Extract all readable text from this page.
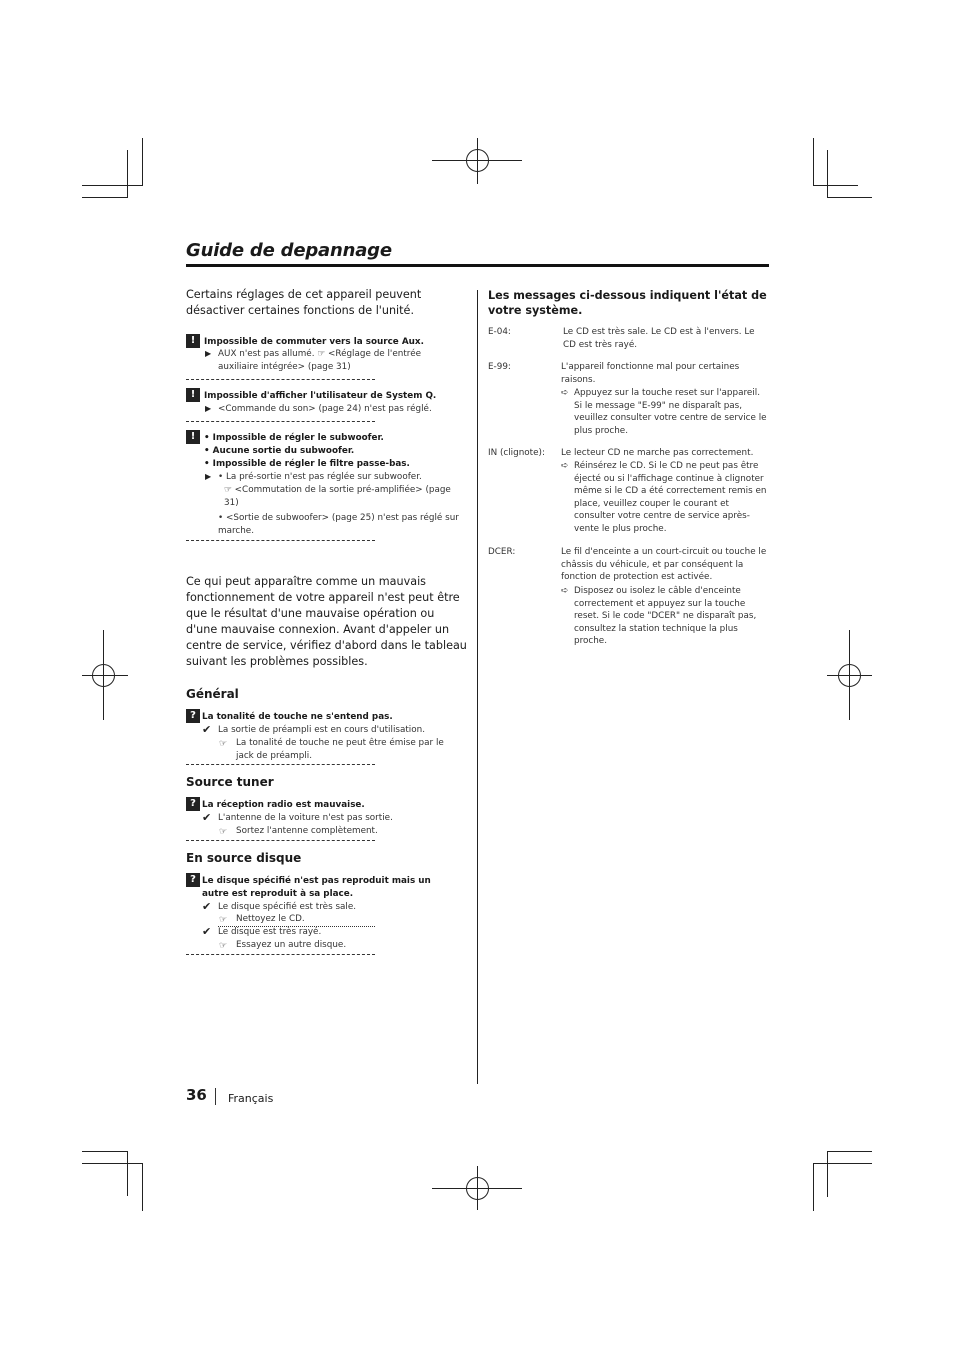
Guide de depannage

Certains réglages de cet appareil peuvent désactiver certaines fonctions de l'unité.

! Impossible de commuter vers la source Aux.

▶ AUX n'est pas allumé. ☞ <Réglage de l'entrée auxiliaire intégrée> (page 31)

! Impossible d'afficher l'utilisateur de System Q.

▶ <Commande du son> (page 24) n'est pas réglé.

! • Impossible de régler le subwoofer.

• Aucune sortie du subwoofer.

• Impossible de régler le filtre passe-bas.

▶ • La pré-sortie n'est pas réglée sur subwoofer.

☞ <Commutation de la sortie pré-amplifiée> (page 31)

• <Sortie de subwoofer> (page 25) n'est pas réglé sur marche.

Ce qui peut apparaître comme un mauvais fonctionnement de votre appareil n'est peut être que le résultat d'une mauvaise opération ou d'une mauvaise connexion. Avant d'appeler un centre de service, vérifiez d'abord dans le tableau suivant les problèmes possibles.

Général
? La tonalité de touche ne s'entend pas.

✔ La sortie de préampli est en cours d'utilisation.

☞ La tonalité de touche ne peut être émise par le jack de préampli.

Source tuner
? La réception radio est mauvaise.

✔ L'antenne de la voiture n'est pas sortie.

☞ Sortez l'antenne complètement.

En source disque
? Le disque spécifié n'est pas reproduit mais un autre est reproduit à sa place.

✔ Le disque spécifié est très sale.

☞ Nettoyez le CD.

✔ Le disque est très rayé.

☞ Essayez un autre disque.

Les messages ci-dessous indiquent l'état de votre système.
E-04:	Le CD est très sale. Le CD est à l'envers. Le CD est très rayé.

E-99:	L'appareil fonctionne mal pour certaines raisons.

➪ Appuyez sur la touche reset sur l'appareil. Si le message "E-99" ne disparaît pas, veuillez consulter votre centre de service le plus proche.

IN (clignote): Le lecteur CD ne marche pas correctement.

➪ Réinsérez le CD. Si le CD ne peut pas être éjecté ou si l'affichage continue à clignoter même si le CD a été correctement remis en place, veuillez couper le courant et consulter votre centre de service après-vente le plus proche.

DCER:	Le fil d'enceinte a un court-circuit ou touche le châssis du véhicule, et par conséquent la fonction de protection est activée.

➪ Disposez ou isolez le câble d'enceinte correctement et appuyez sur la touche reset. Si le code "DCER" ne disparaît pas, consultez la station technique la plus proche.

36 Français
